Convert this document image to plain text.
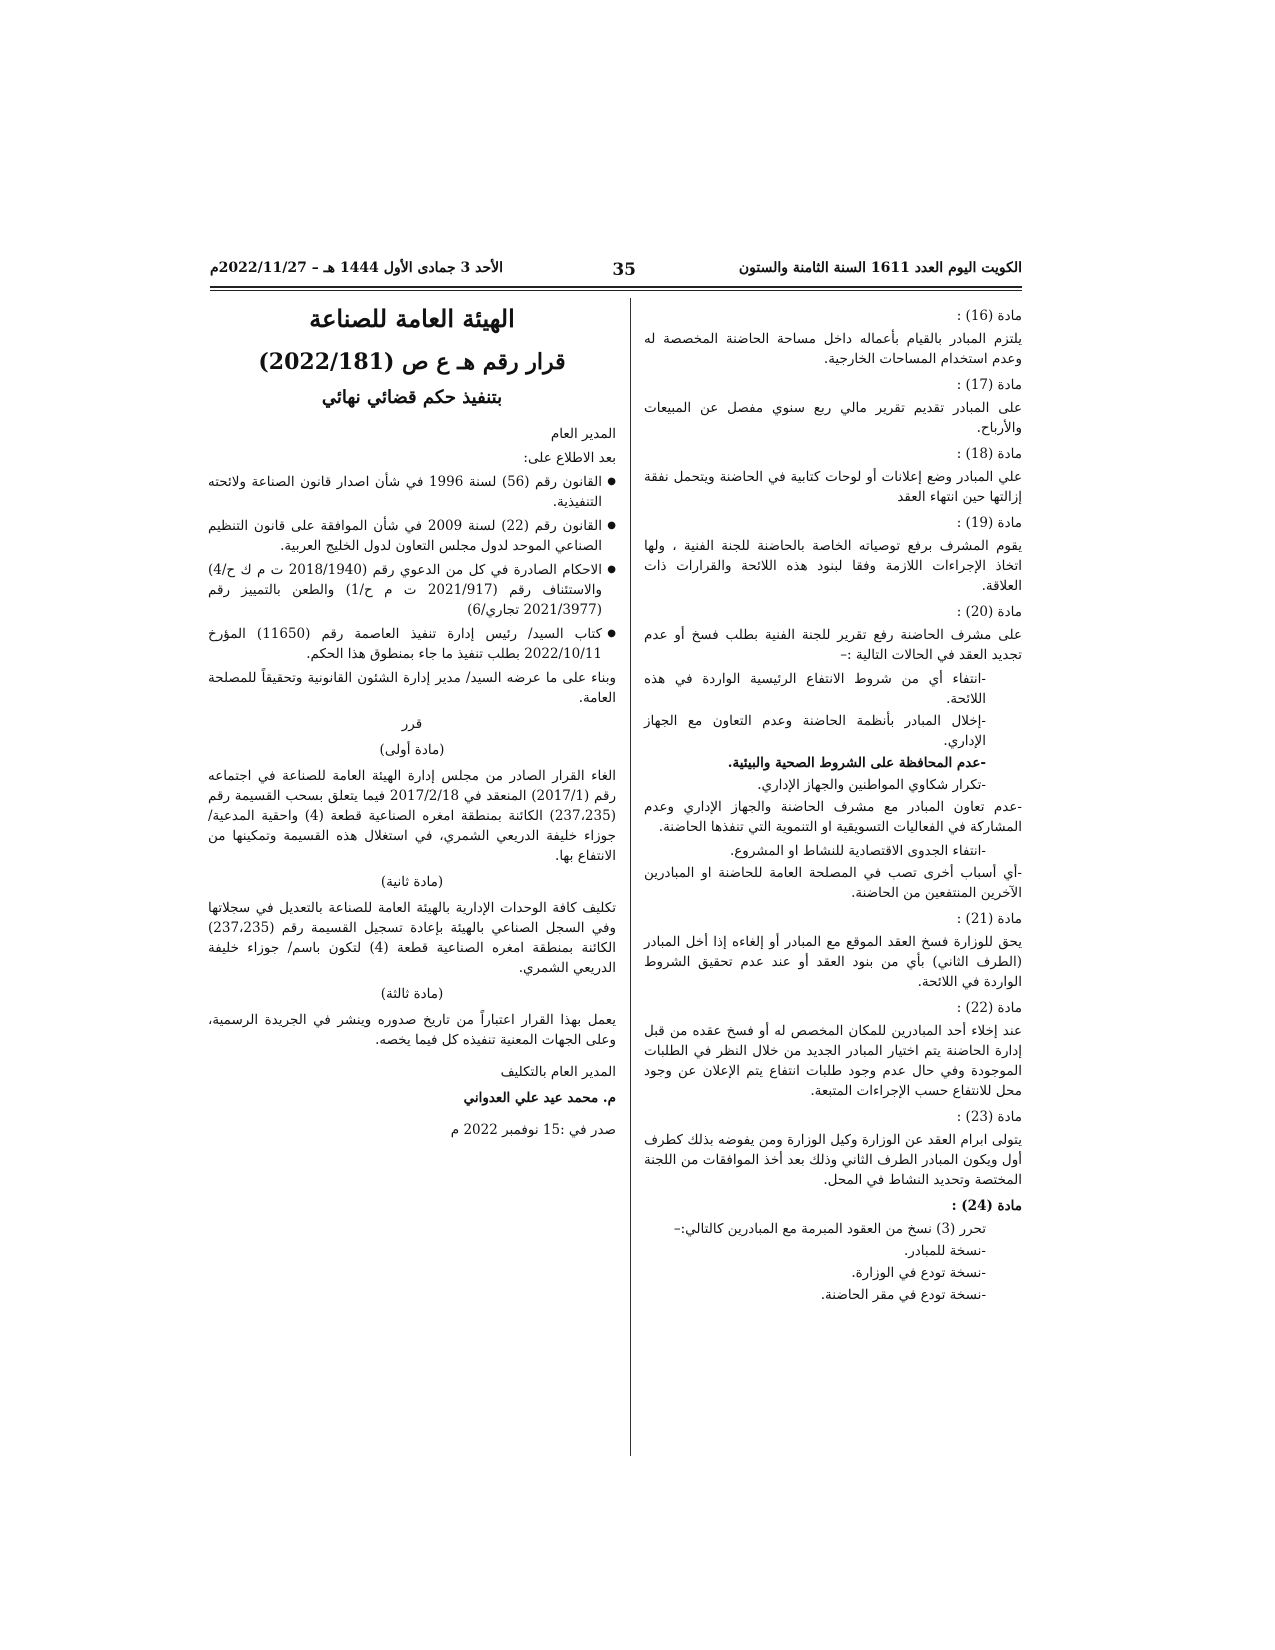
الكويت اليوم العدد 1611 السنة الثامنة والستون
35
الأحد 3 جمادى الأول 1444 هـ – 2022/11/27م
مادة (16) :
يلتزم المبادر بالقيام بأعماله داخل مساحة الحاضنة المخصصة له وعدم استخدام المساحات الخارجية.
مادة (17) :
على المبادر تقديم تقرير مالي ربع سنوي مفصل عن المبيعات والأرباح.
مادة (18) :
علي المبادر وضع إعلانات أو لوحات كتابية في الحاضنة ويتحمل نفقة إزالتها حين انتهاء العقد
مادة (19) :
يقوم المشرف برفع توصياته الخاصة بالحاضنة للجنة الفنية ، ولها اتخاذ الإجراءات اللازمة وفقا لبنود هذه اللائحة والقرارات ذات العلاقة.
مادة (20) :
على مشرف الحاضنة رفع تقرير للجنة الفنية بطلب فسخ أو عدم تجديد العقد في الحالات التالية :–
-انتفاء أي من شروط الانتفاع الرئيسية الواردة في هذه اللائحة.
-إخلال المبادر بأنظمة الحاضنة وعدم التعاون مع الجهاز الإداري.
-عدم المحافظة على الشروط الصحية والبيئية.
-تكرار شكاوي المواطنين والجهاز الإداري.
-عدم تعاون المبادر مع مشرف الحاضنة والجهاز الإداري وعدم المشاركة في الفعاليات التسويقية او التنموية التي تنفذها الحاضنة.
-انتفاء الجدوى الاقتصادية للنشاط او المشروع.
-أي أسباب أخرى تصب في المصلحة العامة للحاضنة او المبادرين الآخرين المنتفعين من الحاضنة.
مادة (21) :
يحق للوزارة فسخ العقد الموقع مع المبادر أو إلغاءه إذا أخل المبادر (الطرف الثاني) بأي من بنود العقد أو عند عدم تحقيق الشروط الواردة في اللائحة.
مادة (22) :
عند إخلاء أحد المبادرين للمكان المخصص له أو فسخ عقده من قبل إدارة الحاضنة يتم اختيار المبادر الجديد من خلال النظر في الطلبات الموجودة وفي حال عدم وجود طلبات انتفاع يتم الإعلان عن وجود محل للانتفاع حسب الإجراءات المتبعة.
مادة (23) :
يتولى ابرام العقد عن الوزارة وكيل الوزارة ومن يفوضه بذلك كطرف أول ويكون المبادر الطرف الثاني وذلك بعد أخذ الموافقات من اللجنة المختصة وتحديد النشاط في المحل.
مادة (24) :
تحرر (3) نسخ من العقود المبرمة مع المبادرين كالتالي:–
-نسخة للمبادر.
-نسخة تودع في الوزارة.
-نسخة تودع في مقر الحاضنة.
الهيئة العامة للصناعة
قرار رقم هـ ع ص (2022/181)
بتنفيذ حكم قضائي نهائي
المدير العام
بعد الاطلاع على:
● القانون رقم (56) لسنة 1996 في شأن اصدار قانون الصناعة ولائحته التنفيذية.
● القانون رقم (22) لسنة 2009 في شأن الموافقة على قانون التنظيم الصناعي الموحد لدول مجلس التعاون لدول الخليج العربية.
● الاحكام الصادرة في كل من الدعوي رقم (2018/1940 ت م ك ح/4) والاستئناف رقم (2021/917 ت م ح/1) والطعن بالتمييز رقم (2021/3977 تجاري/6)
● كتاب السيد/ رئيس إدارة تنفيذ العاصمة رقم (11650) المؤرخ 2022/10/11 بطلب تنفيذ ما جاء بمنطوق هذا الحكم.
وبناء على ما عرضه السيد/ مدير إدارة الشئون القانونية وتحقيقاً للمصلحة العامة.
قرر
(مادة أولى)
الغاء القرار الصادر من مجلس إدارة الهيئة العامة للصناعة في اجتماعه رقم (2017/1) المنعقد في 2017/2/18 فيما يتعلق بسحب القسيمة رقم (237،235) الكائنة بمنطقة امغره الصناعية قطعة (4) واحقية المدعية/ جوزاء خليفة الدريعي الشمري، في استغلال هذه القسيمة وتمكينها من الانتفاع بها.
(مادة ثانية)
تكليف كافة الوحدات الإدارية بالهيئة العامة للصناعة بالتعديل في سجلاتها وفي السجل الصناعي بالهيئة بإعادة تسجيل القسيمة رقم (237،235) الكائنة بمنطقة امغره الصناعية قطعة (4) لتكون باسم/ جوزاء خليفة الدريعي الشمري.
(مادة ثالثة)
يعمل بهذا القرار اعتباراً من تاريخ صدوره وينشر في الجريدة الرسمية، وعلى الجهات المعنية تنفيذه كل فيما يخصه.
المدير العام بالتكليف
م. محمد عيد علي العدواني
صدر في :15 نوفمبر 2022 م
